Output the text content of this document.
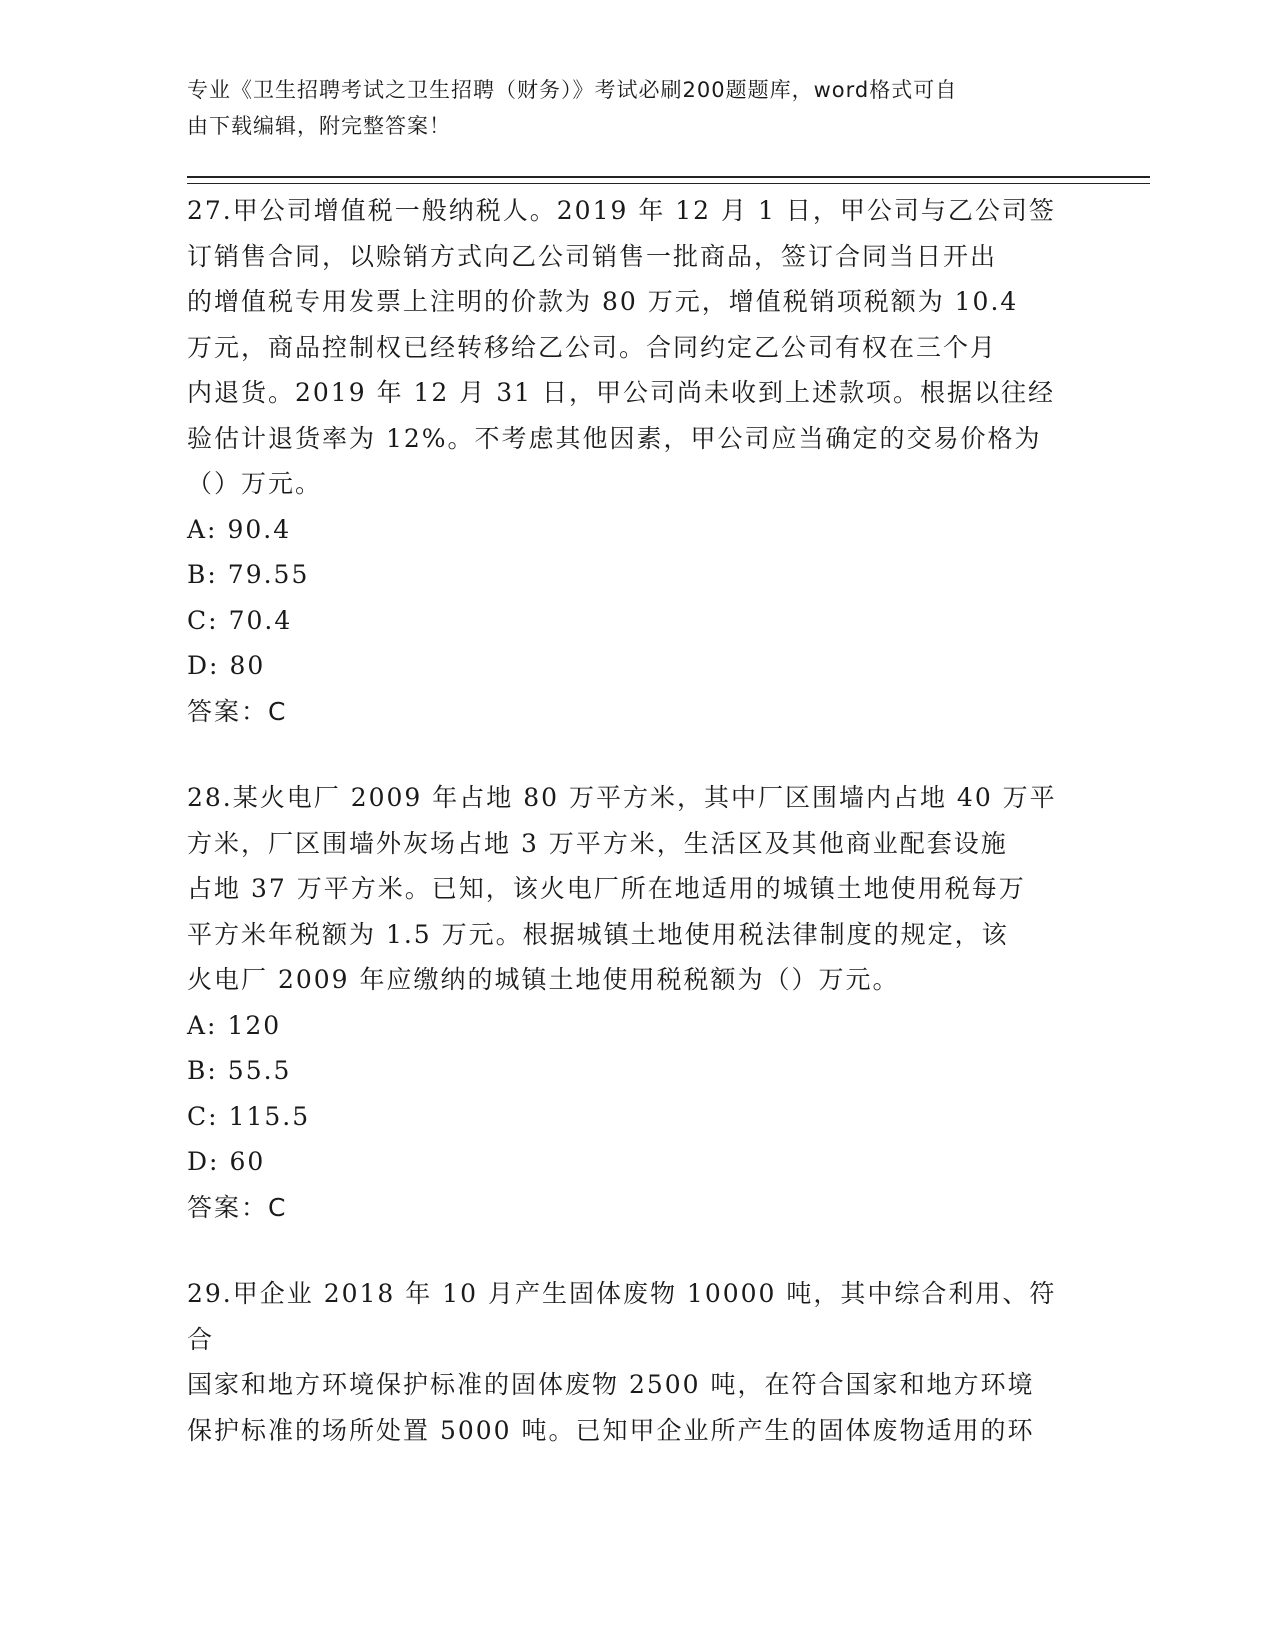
专业《卫生招聘考试之卫生招聘（财务）》考试必刷200题题库，word格式可自
由下载编辑，附完整答案！

27.甲公司增值税一般纳税人。2019 年 12 月 1 日，甲公司与乙公司签
订销售合同，以赊销方式向乙公司销售一批商品，签订合同当日开出
的增值税专用发票上注明的价款为 80 万元，增值税销项税额为 10.4
万元，商品控制权已经转移给乙公司。合同约定乙公司有权在三个月
内退货。2019 年 12 月 31 日，甲公司尚未收到上述款项。根据以往经
验估计退货率为 12%。不考虑其他因素，甲公司应当确定的交易价格为
（）万元。

A: 90.4
B: 79.55
C: 70.4
D: 80

答案：C

28.某火电厂 2009 年占地 80 万平方米，其中厂区围墙内占地 40 万平
方米，厂区围墙外灰场占地 3 万平方米，生活区及其他商业配套设施
占地 37 万平方米。已知，该火电厂所在地适用的城镇土地使用税每万
平方米年税额为 1.5 万元。根据城镇土地使用税法律制度的规定，该
火电厂 2009 年应缴纳的城镇土地使用税税额为（）万元。

A: 120
B: 55.5
C: 115.5
D: 60

答案：C

29.甲企业 2018 年 10 月产生固体废物 10000 吨，其中综合利用、符合
国家和地方环境保护标准的固体废物 2500 吨，在符合国家和地方环境
保护标准的场所处置 5000 吨。已知甲企业所产生的固体废物适用的环
